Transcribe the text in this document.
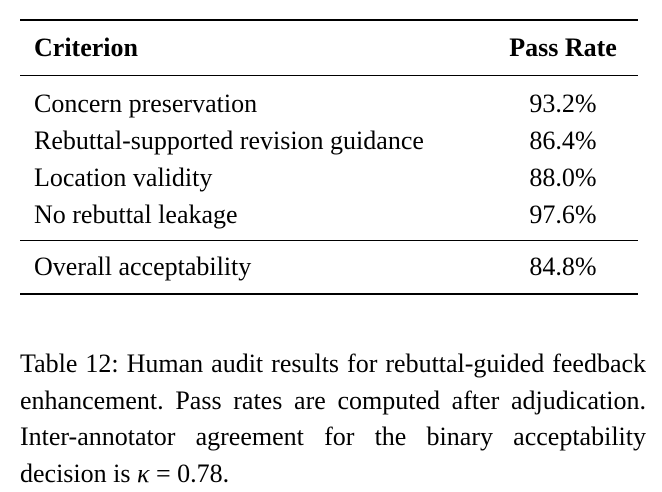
Criterion	Pass Rate
Concern preservation	93.2%
Rebuttal-supported revision guidance	86.4%
Location validity	88.0%
No rebuttal leakage	97.6%
Overall acceptability	84.8%

Table 12: Human audit results for rebuttal-guided feedback enhancement. Pass rates are computed after adjudication. Inter-annotator agreement for the binary acceptability decision is κ = 0.78.
